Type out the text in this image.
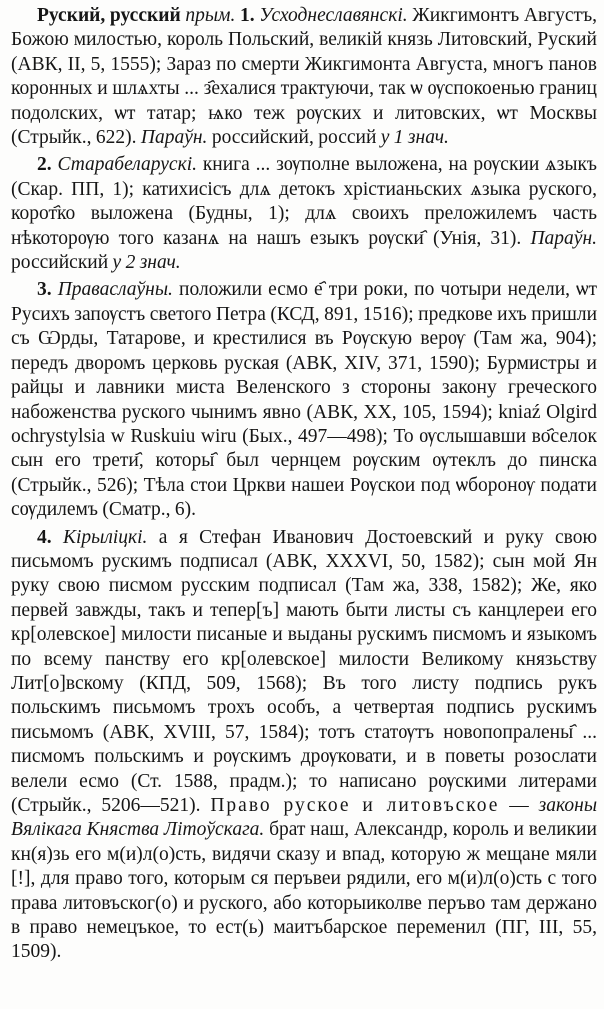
Руский, русский прым. 1. Усходнеславянскі. Жикгимонтъ Августъ, Божою милостью, король Польский, великій князь Литовский, Руский (АВК, II, 5, 1555); Зараз по смерти Жикгимонта Августа, многъ панов коронных и шлѧхты ... з҄ехалися трактуючи, так ѡ ѹспокоенью границ подолских, ѡт татар; ѩко теж рѹских и литовских, ѡт Москвы (Стрыйк., 622). Параўн. российский, россий у 1 знач.

2. Старабеларускі. книга ... зѹполне выложена, на рѹскии ѧзыкъ (Скар. ПП, 1); катихисісъ длѧ детокъ хрістианьских ѧзыка руского, корот҄ко выложена (Будны, 1); длѧ своихъ преложилемъ часть нѣкоторѹю того казанѧ на нашъ езыкъ рѹски҄ (Унія, 31). Параўн. российский у 2 знач.

3. Праваслаўны. положили есмо е҄ три роки, по чотыри недели, ѡт Русихъ запѹстъ светого Петра (КСД, 891, 1516); предкове ихъ пришли съ Ѡрды, Татарове, и крестилися въ Рѹскую верѹ (Там жа, 904); передъ дворомъ церковь руская (АВК, XIV, 371, 1590); Бурмистры и райцы и лавники миста Веленского з стороны закону греческого набоженства руского чынимъ явно (АВК, XX, 105, 1594); kniaź Olgird ochrystylsia w Ruskuiu wiru (Быx., 497—498); То ѹслышавши во҄селок сын его трети҄, которы҄ был чернцем рѹским ѹтеклъ до пинска (Стрыйк., 526); Тѣла стои Цркви нашеи Рѹскои под ѡборонѹ подати сѹдилемъ (Сматр., 6).

4. Кірыліцкі. а я Стефан Иванович Достоевский и руку свою письмомъ рускимъ подписал (АВК, XXXVI, 50, 1582); сын мой Ян руку свою писмом русским подписал (Там жа, 338, 1582); Же, яко первей завжды, такъ и тепер[ъ] мають быти листы съ канцлереи его кр[олевское] милости писаные и выданы рускимъ писмомъ и языкомъ по всему панству его кр[олевское] милости Великому князьству Лит[о]вскому (КПД, 509, 1568); Въ того листу подпись рукъ польскимъ письмомъ трохъ особъ, а четвертая подпись рускимъ письмомъ (АВК, XVIII, 57, 1584); тотъ статѹтъ новопопрaлены҄ ... писмомъ польскимъ и рѹскимъ дрѹковати, и в поветы розослати велели есмо (Ст. 1588, прадм.); то написано рѹскими литерами (Стрыйк., 5206—521). Право руское и литовъское — законы Вялікага Княства Літоўскага. брат наш, Александр, король и великии кн(я)зь его м(и)л(о)сть, видячи сказу и впад, которую ж мещане мяли [!], для право того, которым ся перъвеи рядили, его м(и)л(о)сть с того права литовъског(о) и руского, або которыиколве перъво там держано в право немецъкое, то ест(ь) маитъбарское переменил (ПГ, III, 55, 1509).
